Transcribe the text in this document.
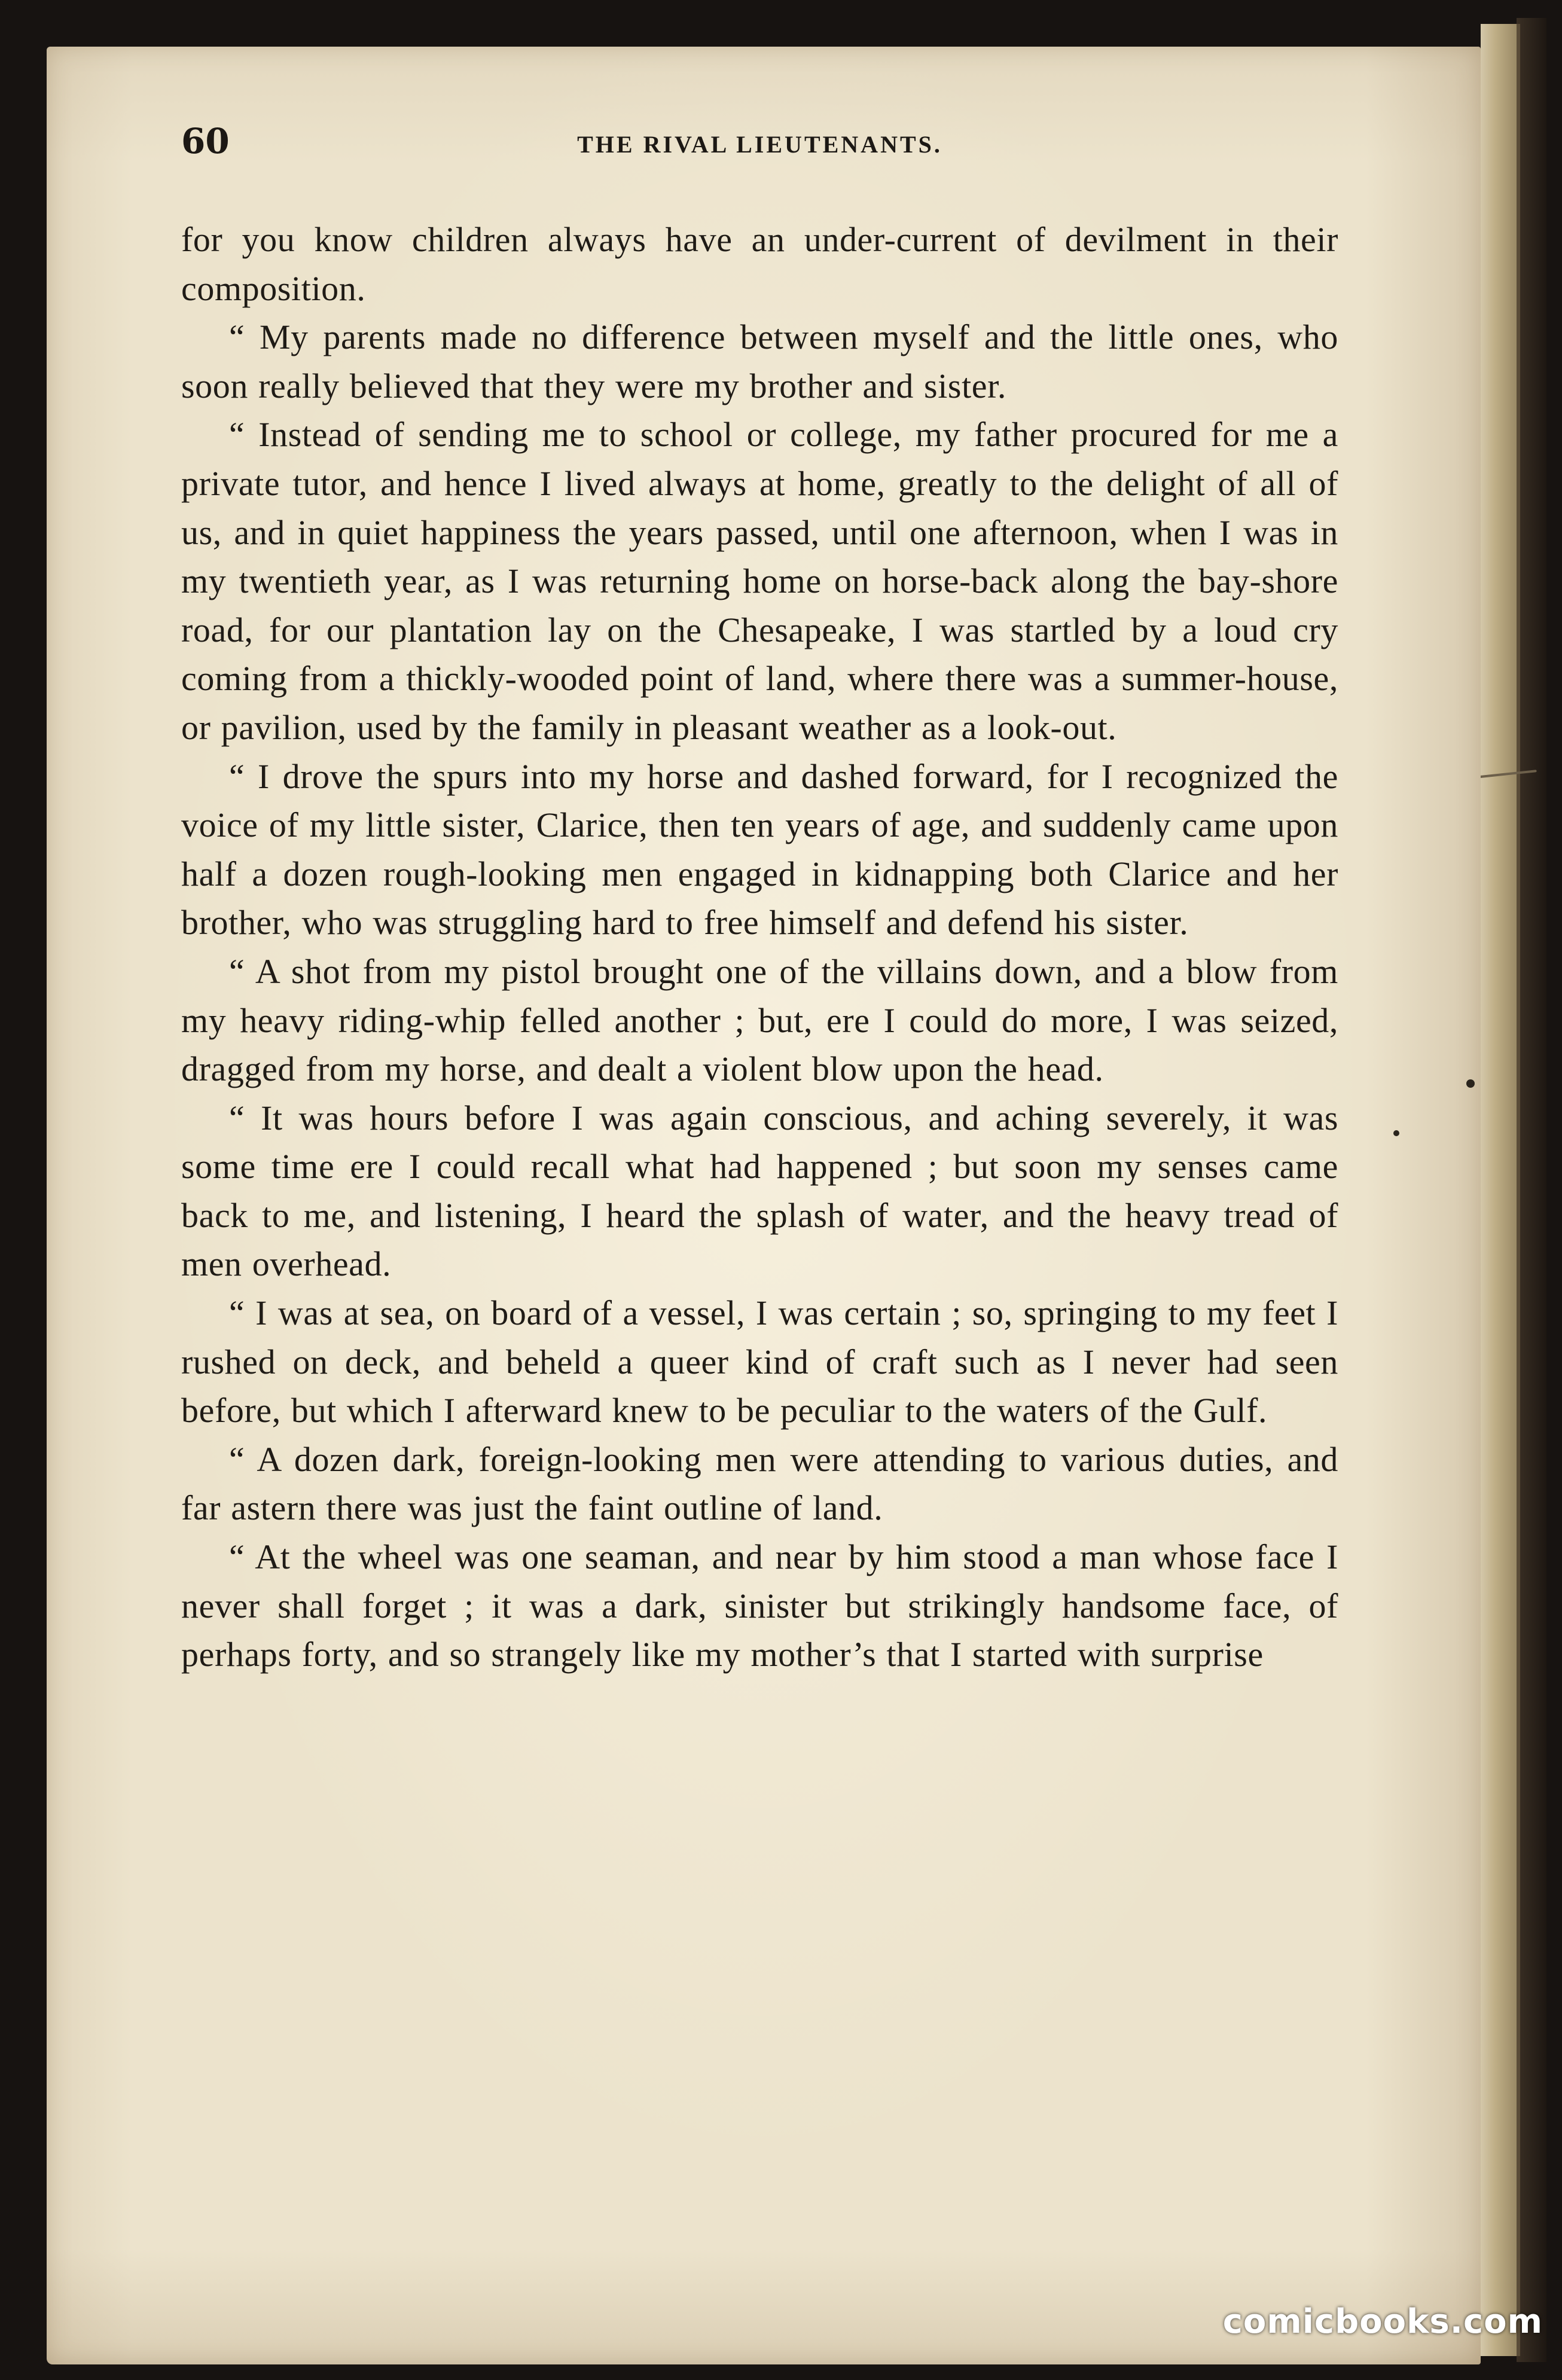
60	THE RIVAL LIEUTENANTS.

for you know children always have an under-current of devilment in their composition.

“ My parents made no difference between myself and the little ones, who soon really believed that they were my brother and sister.

“ Instead of sending me to school or college, my father procured for me a private tutor, and hence I lived always at home, greatly to the delight of all of us, and in quiet happiness the years passed, until one afternoon, when I was in my twentieth year, as I was returning home on horse-back along the bay-shore road, for our plantation lay on the Chesapeake, I was startled by a loud cry coming from a thickly-wooded point of land, where there was a summer-house, or pavilion, used by the family in pleasant weather as a look-out.

“ I drove the spurs into my horse and dashed forward, for I recognized the voice of my little sister, Clarice, then ten years of age, and suddenly came upon half a dozen rough-looking men engaged in kidnapping both Clarice and her brother, who was struggling hard to free himself and defend his sister.

“ A shot from my pistol brought one of the villains down, and a blow from my heavy riding-whip felled another ; but, ere I could do more, I was seized, dragged from my horse, and dealt a violent blow upon the head.

“ It was hours before I was again conscious, and aching severely, it was some time ere I could recall what had happened ; but soon my senses came back to me, and listening, I heard the splash of water, and the heavy tread of men overhead.

“ I was at sea, on board of a vessel, I was certain ; so, springing to my feet I rushed on deck, and beheld a queer kind of craft such as I never had seen before, but which I afterward knew to be peculiar to the waters of the Gulf.

“ A dozen dark, foreign-looking men were attending to various duties, and far astern there was just the faint outline of land.

“ At the wheel was one seaman, and near by him stood a man whose face I never shall forget ; it was a dark, sinister but strikingly handsome face, of perhaps forty, and so strangely like my mother’s that I started with surprise

comicbooks.com
